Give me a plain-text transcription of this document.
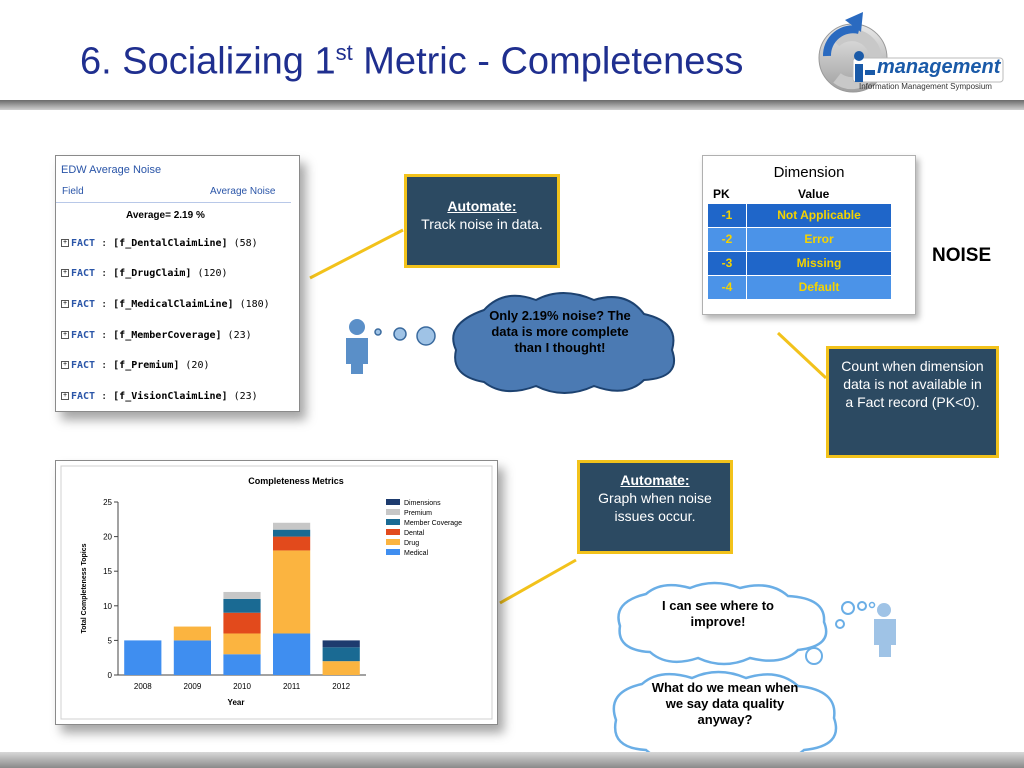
6. Socializing 1st Metric - Completeness	management
Information Management Symposium
EDW Average Noise
Field	Average Noise
Average= 2.19 %
+ FACT : [f_DentalClaimLine] (58)
+ FACT : [f_DrugClaim] (120)
+ FACT : [f_MedicalClaimLine] (180)
+ FACT : [f_MemberCoverage] (23)
+ FACT : [f_Premium] (20)
+ FACT : [f_VisionClaimLine] (23)
Automate:
Track noise in data.
Only 2.19% noise? The data is more complete than I thought!
Dimension
PK	Value
-1	Not Applicable
-2	Error
-3	Missing
-4	Default
NOISE
Count when dimension data is not available in a Fact record (PK<0).
Completeness Metrics
0
5
10
15
20
25
Total Completeness Topics
Year
2008	2009	2010	2011	2012
Dimensions
Premium
Member Coverage
Dental
Drug
Medical
Automate:
Graph when noise issues occur.
I can see where to improve!
What do we mean when we say data quality anyway?
